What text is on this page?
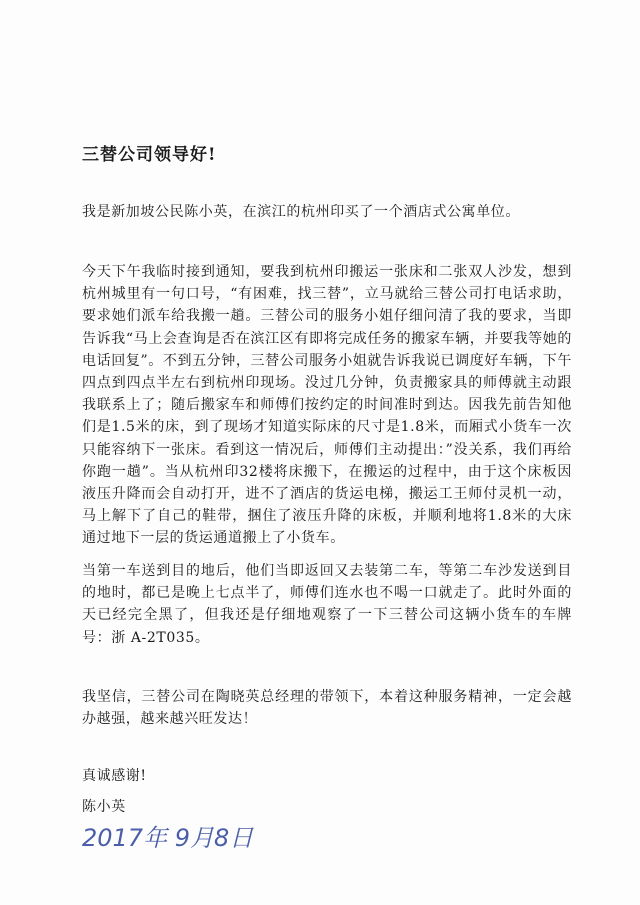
三替公司领导好!

我是新加坡公民陈小英，在滨江的杭州印买了一个酒店式公寓单位。

今天下午我临时接到通知，要我到杭州印搬运一张床和二张双人沙发，想到杭州城里有一句口号，“有困难，找三替”，立马就给三替公司打电话求助，要求她们派车给我搬一趟。三替公司的服务小姐仔细问清了我的要求，当即告诉我“马上会查询是否在滨江区有即将完成任务的搬家车辆，并要我等她的电话回复”。不到五分钟，三替公司服务小姐就告诉我说已调度好车辆，下午四点到四点半左右到杭州印现场。没过几分钟，负责搬家具的师傅就主动跟我联系上了；随后搬家车和师傅们按约定的时间准时到达。因我先前告知他们是1.5米的床，到了现场才知道实际床的尺寸是1.8米，而厢式小货车一次只能容纳下一张床。看到这一情况后，师傅们主动提出：”没关系，我们再给你跑一趟”。当从杭州印32楼将床搬下，在搬运的过程中，由于这个床板因液压升降而会自动打开，进不了酒店的货运电梯，搬运工王师付灵机一动，马上解下了自己的鞋带，捆住了液压升降的床板，并顺利地将1.8米的大床通过地下一层的货运通道搬上了小货车。

当第一车送到目的地后，他们当即返回又去装第二车，等第二车沙发送到目的地时，都已是晚上七点半了，师傅们连水也不喝一口就走了。此时外面的天已经完全黑了，但我还是仔细地观察了一下三替公司这辆小货车的车牌号：浙 A-2T035。

我坚信，三替公司在陶晓英总经理的带领下，本着这种服务精神，一定会越办越强，越来越兴旺发达！

真诚感谢!

陈小英

2017年 9月8日
